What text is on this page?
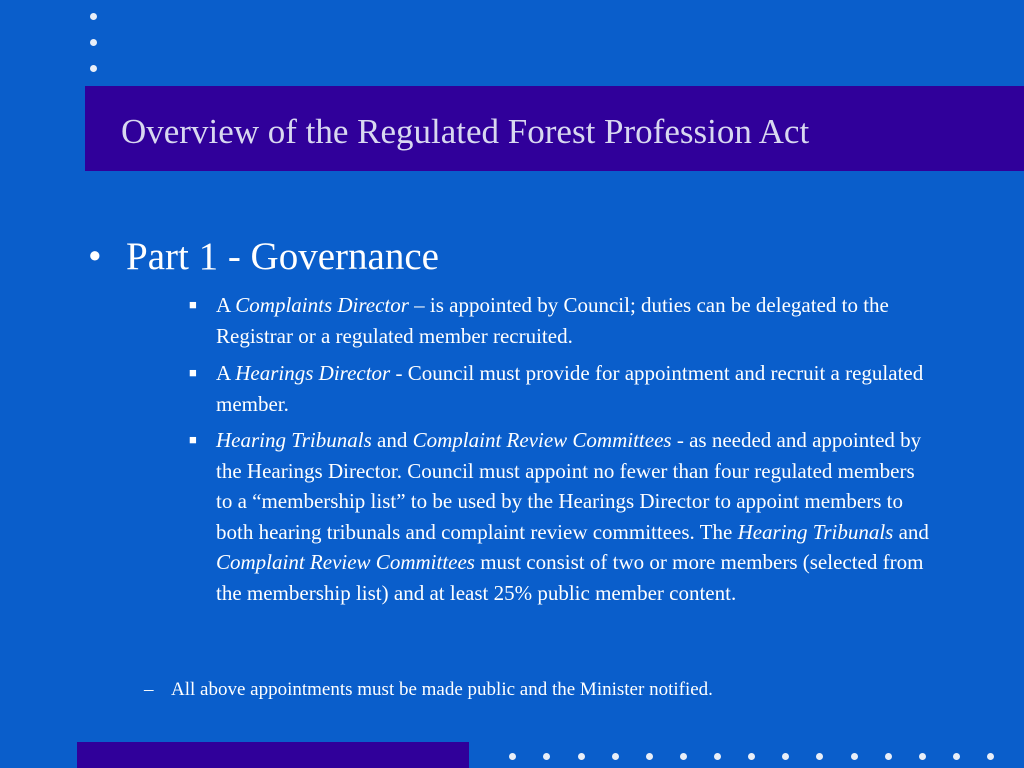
Overview of the Regulated Forest Profession Act
• Part 1 - Governance
■ A Complaints Director – is appointed by Council; duties can be delegated to the Registrar or a regulated member recruited.
■ A Hearings Director - Council must provide for appointment and recruit a regulated member.
■ Hearing Tribunals and Complaint Review Committees - as needed and appointed by the Hearings Director. Council must appoint no fewer than four regulated members to a “membership list” to be used by the Hearings Director to appoint members to both hearing tribunals and complaint review committees. The Hearing Tribunals and Complaint Review Committees must consist of two or more members (selected from the membership list) and at least 25% public member content.
– All above appointments must be made public and the Minister notified.
